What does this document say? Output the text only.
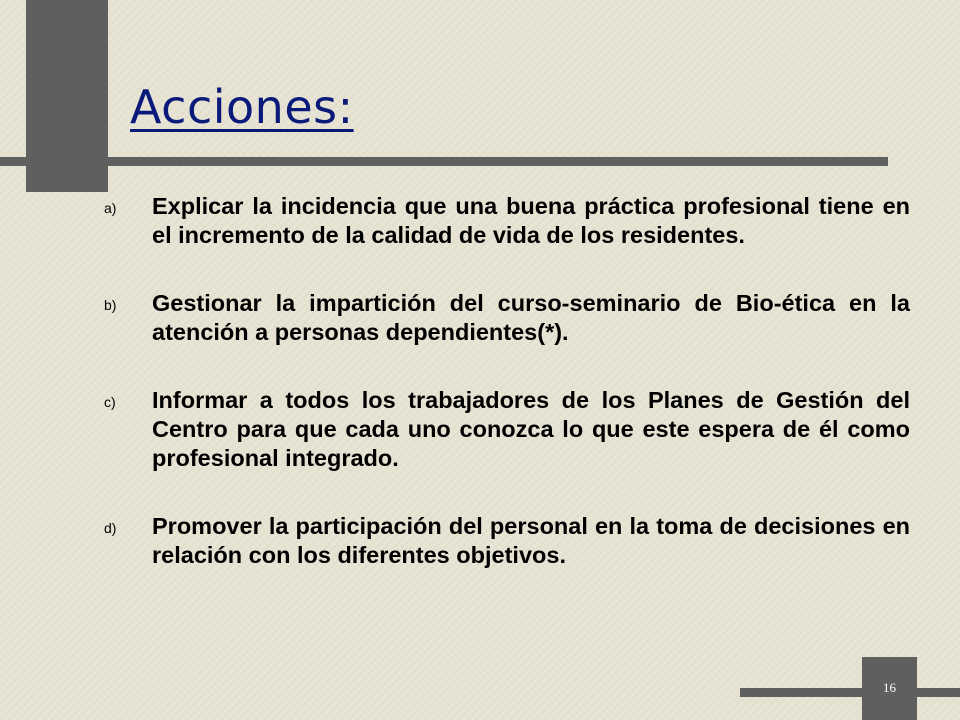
Acciones:
a) Explicar la incidencia que una buena práctica profesional tiene en el incremento de la calidad de vida de los residentes.
b) Gestionar la impartición del curso-seminario de Bio-ética en la atención a personas dependientes(*).
c) Informar a todos los trabajadores de los Planes de Gestión del Centro para que cada uno conozca lo que este espera de él como profesional integrado.
d) Promover la participación del personal en la toma de decisiones en relación con los diferentes objetivos.
16
